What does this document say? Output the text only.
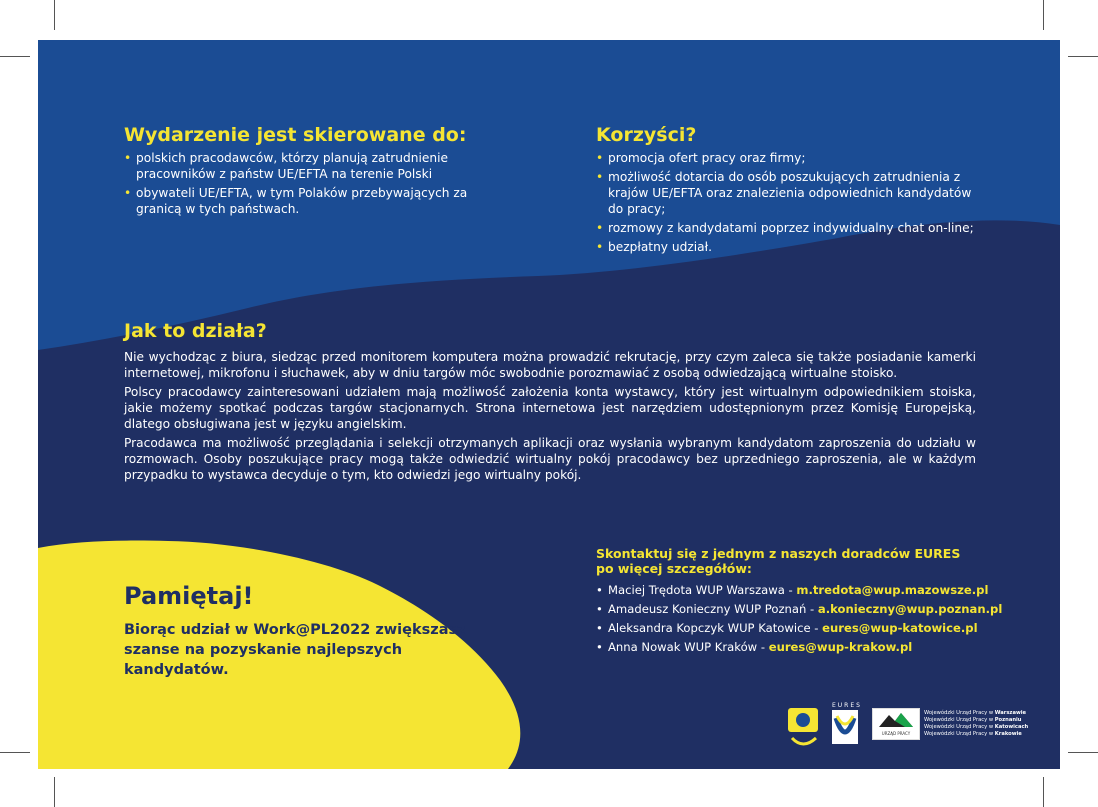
Wydarzenie jest skierowane do:
• polskich pracodawców, którzy planują zatrudnienie pracowników z państw UE/EFTA na terenie Polski
• obywateli UE/EFTA, w tym Polaków przebywających za granicą w tych państwach.
Korzyści?
• promocja ofert pracy oraz firmy;
• możliwość dotarcia do osób poszukujących zatrudnienia z krajów UE/EFTA oraz znalezienia odpowiednich kandydatów do pracy;
• rozmowy z kandydatami poprzez indywidualny chat on-line;
• bezpłatny udział.
Jak to działa?

Nie wychodząc z biura, siedząc przed monitorem komputera można prowadzić rekrutację, przy czym zaleca się także posiadanie kamerki internetowej, mikrofonu i słuchawek, aby w dniu targów móc swobodnie porozmawiać z osobą odwiedzającą wirtualne stoisko.

Polscy pracodawcy zainteresowani udziałem mają możliwość założenia konta wystawcy, który jest wirtualnym odpowiednikiem stoiska, jakie możemy spotkać podczas targów stacjonarnych. Strona internetowa jest narzędziem udostępnionym przez Komisję Europejską, dlatego obsługiwana jest w języku angielskim.

Pracodawca ma możliwość przeglądania i selekcji otrzymanych aplikacji oraz wysłania wybranym kandydatom zaproszenia do udziału w rozmowach. Osoby poszukujące pracy mogą także odwiedzić wirtualny pokój pracodawcy bez uprzedniego zaproszenia, ale w każdym przypadku to wystawca decyduje o tym, kto odwiedzi jego wirtualny pokój.

Pamiętaj!

Biorąc udział w Work@PL2022 zwiększasz szanse na pozyskanie najlepszych kandydatów.

Skontaktuj się z jednym z naszych doradców EURES po więcej szczegółów:

• Maciej Trędota WUP Warszawa - m.tredota@wup.mazowsze.pl
• Amadeusz Konieczny WUP Poznań - a.konieczny@wup.poznan.pl
• Aleksandra Kopczyk WUP Katowice - eures@wup-katowice.pl
• Anna Nowak WUP Kraków - eures@wup-krakow.pl
EURES
URZĄD PRACY
Wojewódzki Urząd Pracy w Warszawie
Wojewódzki Urząd Pracy w Poznaniu
Wojewódzki Urząd Pracy w Katowicach
Wojewódzki Urząd Pracy w Krakowie
